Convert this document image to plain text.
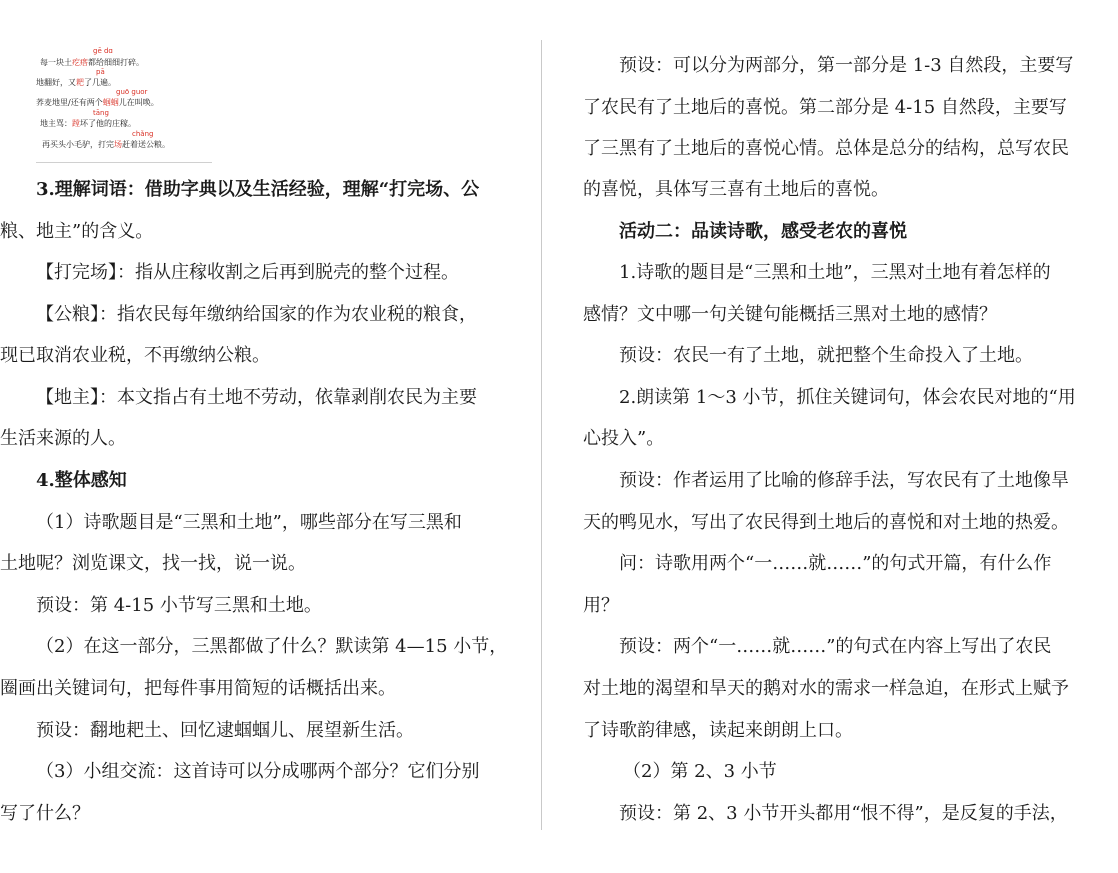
gē dɑ
每一块土疙瘩都给细细打碎。
pā
地翻好，又耙了几遍。
guō guor
荞麦地里/还有两个蝈蝈儿在叫唤。
tāng
地主骂：蹚坏了他的庄稼。
chǎng
再买头小毛驴，打完场赶着送公粮。
3.理解词语：借助字典以及生活经验，理解“打完场、公
粮、地主”的含义。
【打完场】：指从庄稼收割之后再到脱壳的整个过程。
【公粮】：指农民每年缴纳给国家的作为农业税的粮食，
现已取消农业税，不再缴纳公粮。
【地主】：本文指占有土地不劳动，依靠剥削农民为主要
生活来源的人。
4.整体感知
（1）诗歌题目是“三黑和土地”，哪些部分在写三黑和
土地呢？浏览课文，找一找，说一说。
预设：第 4-15 小节写三黑和土地。
（2）在这一部分，三黑都做了什么？默读第 4—15 小节，
圈画出关键词句，把每件事用简短的话概括出来。
预设：翻地耙土、回忆逮蝈蝈儿、展望新生活。
（3）小组交流：这首诗可以分成哪两个部分？它们分别
写了什么？
预设：可以分为两部分，第一部分是 1-3 自然段，主要写
了农民有了土地后的喜悦。第二部分是 4-15 自然段，主要写
了三黑有了土地后的喜悦心情。总体是总分的结构，总写农民
的喜悦，具体写三喜有土地后的喜悦。
活动二：品读诗歌，感受老农的喜悦
1.诗歌的题目是“三黑和土地”，三黑对土地有着怎样的
感情？文中哪一句关键句能概括三黑对土地的感情？
预设：农民一有了土地，就把整个生命投入了土地。
2.朗读第 1～3 小节，抓住关键词句，体会农民对地的“用
心投入”。
预设：作者运用了比喻的修辞手法，写农民有了土地像旱
天的鸭见水，写出了农民得到土地后的喜悦和对土地的热爱。
问：诗歌用两个“一……就……”的句式开篇，有什么作
用？
预设：两个“一……就……”的句式在内容上写出了农民
对土地的渴望和旱天的鹅对水的需求一样急迫，在形式上赋予
了诗歌韵律感，读起来朗朗上口。
（2）第 2、3 小节
预设：第 2、3 小节开头都用“恨不得”，是反复的手法，
